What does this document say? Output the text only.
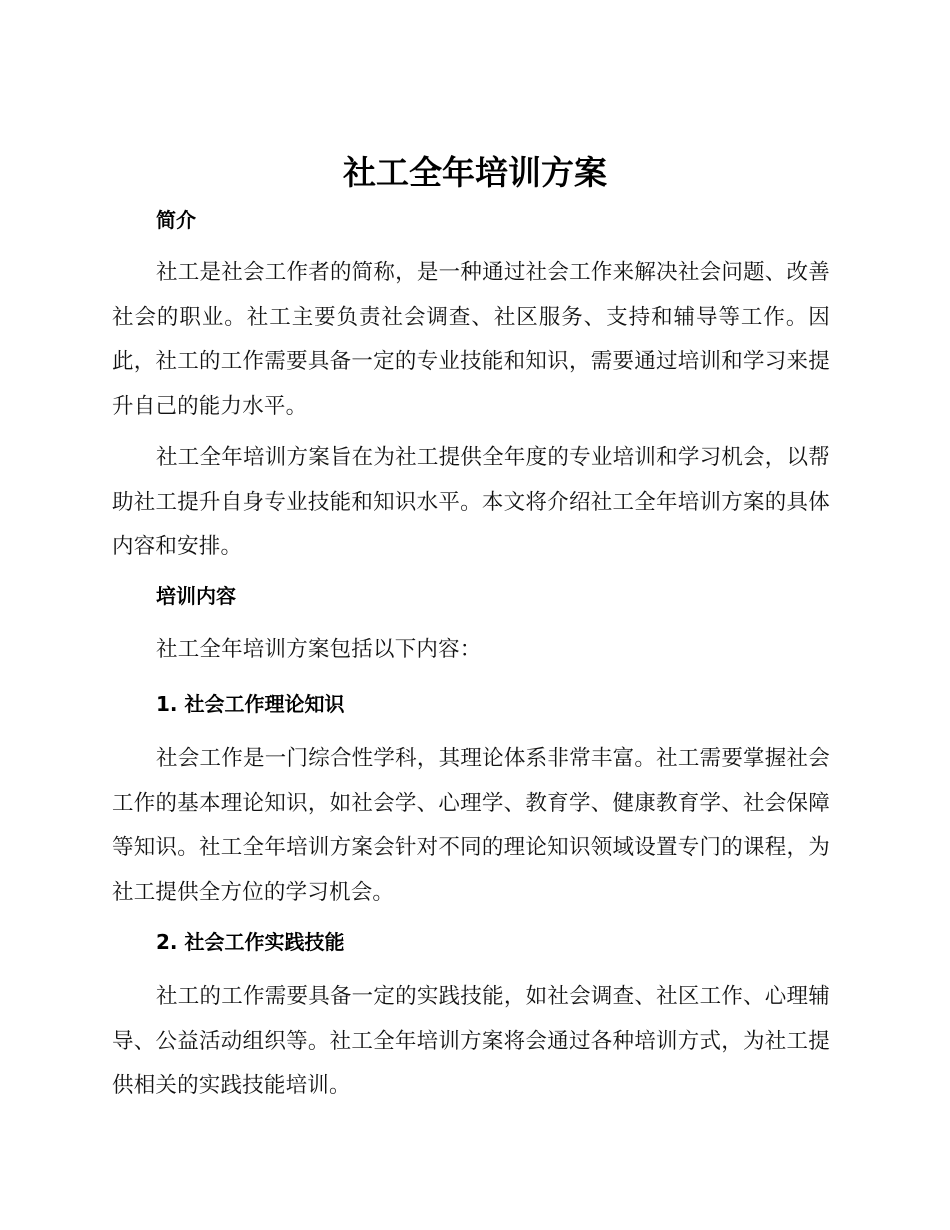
社工全年培训方案
简介

社工是社会工作者的简称，是一种通过社会工作来解决社会问题、改善社会的职业。社工主要负责社会调查、社区服务、支持和辅导等工作。因此，社工的工作需要具备一定的专业技能和知识，需要通过培训和学习来提升自己的能力水平。

社工全年培训方案旨在为社工提供全年度的专业培训和学习机会，以帮助社工提升自身专业技能和知识水平。本文将介绍社工全年培训方案的具体内容和安排。

培训内容

社工全年培训方案包括以下内容：

1. 社会工作理论知识

社会工作是一门综合性学科，其理论体系非常丰富。社工需要掌握社会工作的基本理论知识，如社会学、心理学、教育学、健康教育学、社会保障等知识。社工全年培训方案会针对不同的理论知识领域设置专门的课程，为社工提供全方位的学习机会。

2. 社会工作实践技能

社工的工作需要具备一定的实践技能，如社会调查、社区工作、心理辅导、公益活动组织等。社工全年培训方案将会通过各种培训方式，为社工提供相关的实践技能培训。
